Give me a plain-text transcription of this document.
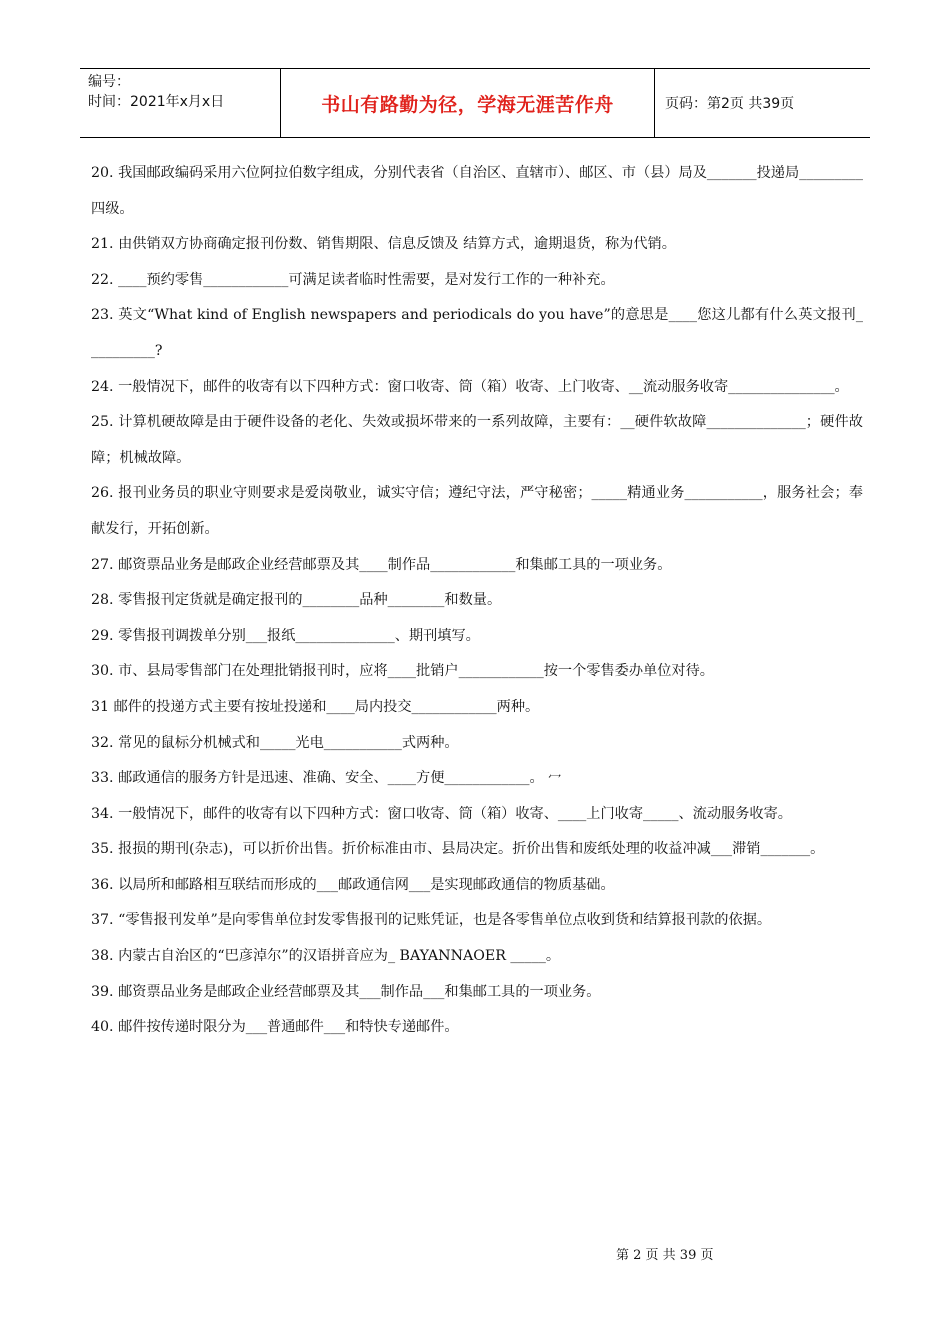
编号：
时间：2021年x月x日	书山有路勤为径，学海无涯苦作舟	页码：第2页 共39页

20. 我国邮政编码采用六位阿拉伯数字组成，分别代表省（自治区、直辖市）、邮区、市（县）局及_______投递局_________四级。

21. 由供销双方协商确定报刊份数、销售期限、信息反馈及 结算方式，逾期退货，称为代销。

22. ____预约零售____________可满足读者临时性需要，是对发行工作的一种补充。

23. 英文“What kind of English newspapers and periodicals do you have”的意思是____您这儿都有什么英文报刊__________?

24. 一般情况下，邮件的收寄有以下四种方式：窗口收寄、筒（箱）收寄、上门收寄、__流动服务收寄_______________。

25. 计算机硬故障是由于硬件设备的老化、失效或损坏带来的一系列故障，主要有：__硬件软故障______________；硬件故障；机械故障。

26. 报刊业务员的职业守则要求是爱岗敬业，诚实守信；遵纪守法，严守秘密；_____精通业务___________，服务社会；奉献发行，开拓创新。

27. 邮资票品业务是邮政企业经营邮票及其____制作品____________和集邮工具的一项业务。

28. 零售报刊定货就是确定报刊的________品种________和数量。

29. 零售报刊调拨单分别___报纸______________、期刊填写。

30. 市、县局零售部门在处理批销报刊时，应将____批销户____________按一个零售委办单位对待。

31 邮件的投递方式主要有按址投递和____局内投交____________两种。

32. 常见的鼠标分机械式和_____光电___________式两种。

33. 邮政通信的服务方针是迅速、准确、安全、____方便____________。 冖

34. 一般情况下，邮件的收寄有以下四种方式：窗口收寄、筒（箱）收寄、____上门收寄_____、流动服务收寄。

35. 报损的期刊(杂志)，可以折价出售。折价标准由市、县局决定。折价出售和废纸处理的收益冲减___滞销_______。

36. 以局所和邮路相互联结而形成的___邮政通信网___是实现邮政通信的物质基础。

37. “零售报刊发单”是向零售单位封发零售报刊的记账凭证，也是各零售单位点收到货和结算报刊款的依据。

38. 内蒙古自治区的“巴彦淖尔”的汉语拼音应为_ BAYANNAOER _____。

39. 邮资票品业务是邮政企业经营邮票及其___制作品___和集邮工具的一项业务。

40. 邮件按传递时限分为___普通邮件___和特快专递邮件。

第 2 页 共 39 页
